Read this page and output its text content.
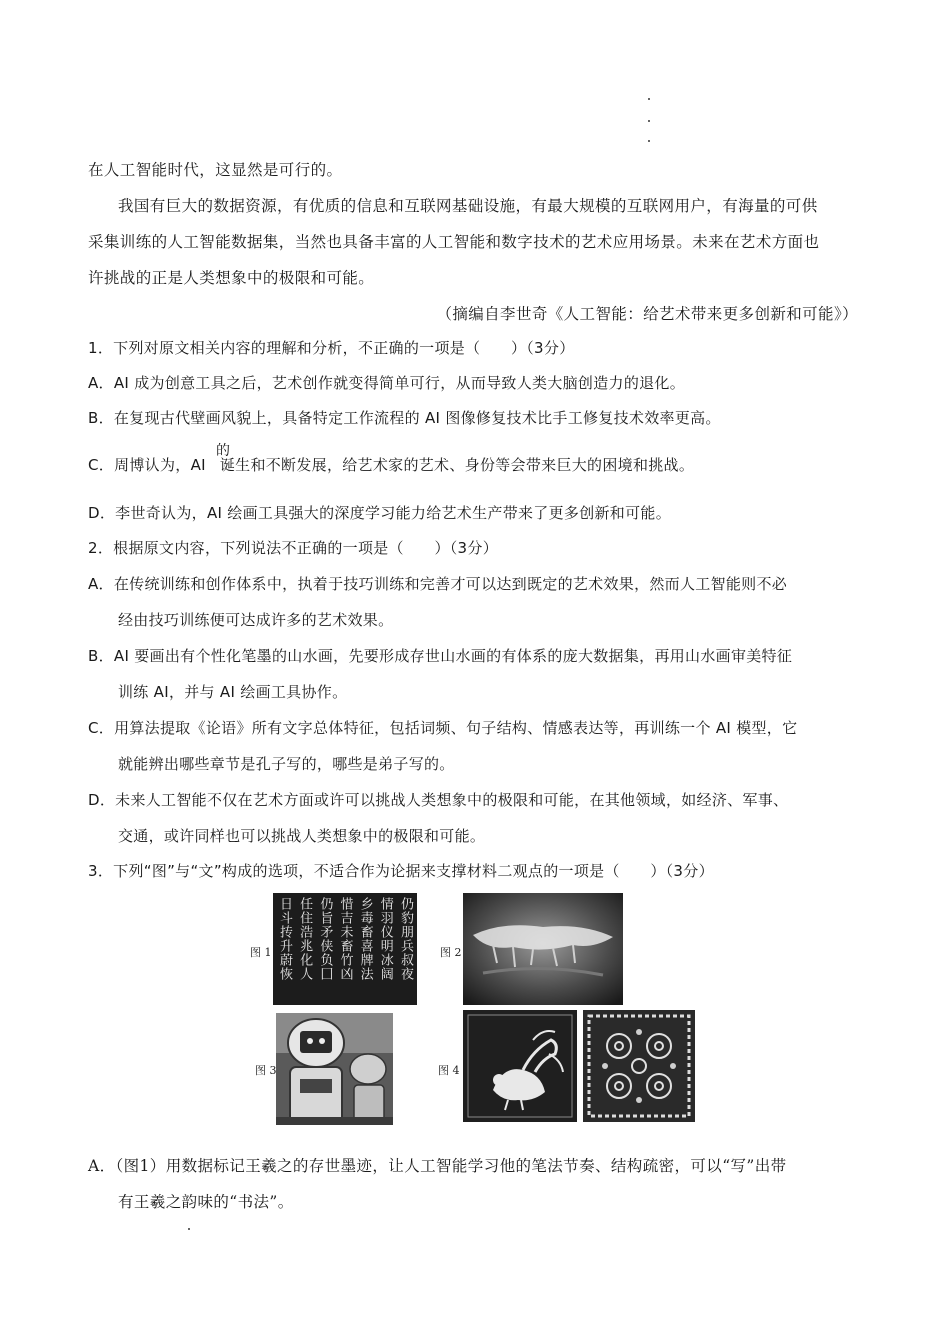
在人工智能时代，这显然是可行的。
我国有巨大的数据资源，有优质的信息和互联网基础设施，有最大规模的互联网用户，有海量的可供
采集训练的人工智能数据集，当然也具备丰富的人工智能和数字技术的艺术应用场景。未来在艺术方面也
许挑战的正是人类想象中的极限和可能。
（摘编自李世奇《人工智能：给艺术带来更多创新和可能》）
1．下列对原文相关内容的理解和分析，不正确的一项是（　　）（3分）
A．AI 成为创意工具之后，艺术创作就变得简单可行，从而导致人类大脑创造力的退化。
B．在复现古代壁画风貌上，具备特定工作流程的 AI 图像修复技术比手工修复技术效率更高。
C．周博认为，AI 诞生和不断发展，给艺术家的艺术、身份等会带来巨大的困境和挑战。
的
D．李世奇认为，AI 绘画工具强大的深度学习能力给艺术生产带来了更多创新和可能。
2．根据原文内容，下列说法不正确的一项是（　　）（3分）
A．在传统训练和创作体系中，执着于技巧训练和完善才可以达到既定的艺术效果，然而人工智能则不必
经由技巧训练便可达成许多的艺术效果。
B．AI 要画出有个性化笔墨的山水画，先要形成存世山水画的有体系的庞大数据集，再用山水画审美特征
训练 AI，并与 AI 绘画工具协作。
C．用算法提取《论语》所有文字总体特征，包括词频、句子结构、情感表达等，再训练一个 AI 模型，它
就能辨出哪些章节是孔子写的，哪些是弟子写的。
D．未来人工智能不仅在艺术方面或许可以挑战人类想象中的极限和可能，在其他领域，如经济、军事、
交通，或许同样也可以挑战人类想象中的极限和可能。
3．下列“图”与“文”构成的选项，不适合作为论据来支撑材料二观点的一项是（　　）（3分）
图 1 日斗抟升蔚恢 任住浩兆化人 仍旨矛侠负囗 惜吉未畜竹凶 乡毒畜喜牌法 情羽仪明冰阔 仍豹朋兵叔夜 图 2
图 3	图 4
A．（图1）用数据标记王羲之的存世墨迹，让人工智能学习他的笔法节奏、结构疏密，可以“写”出带
有王羲之韵味的“书法”。
